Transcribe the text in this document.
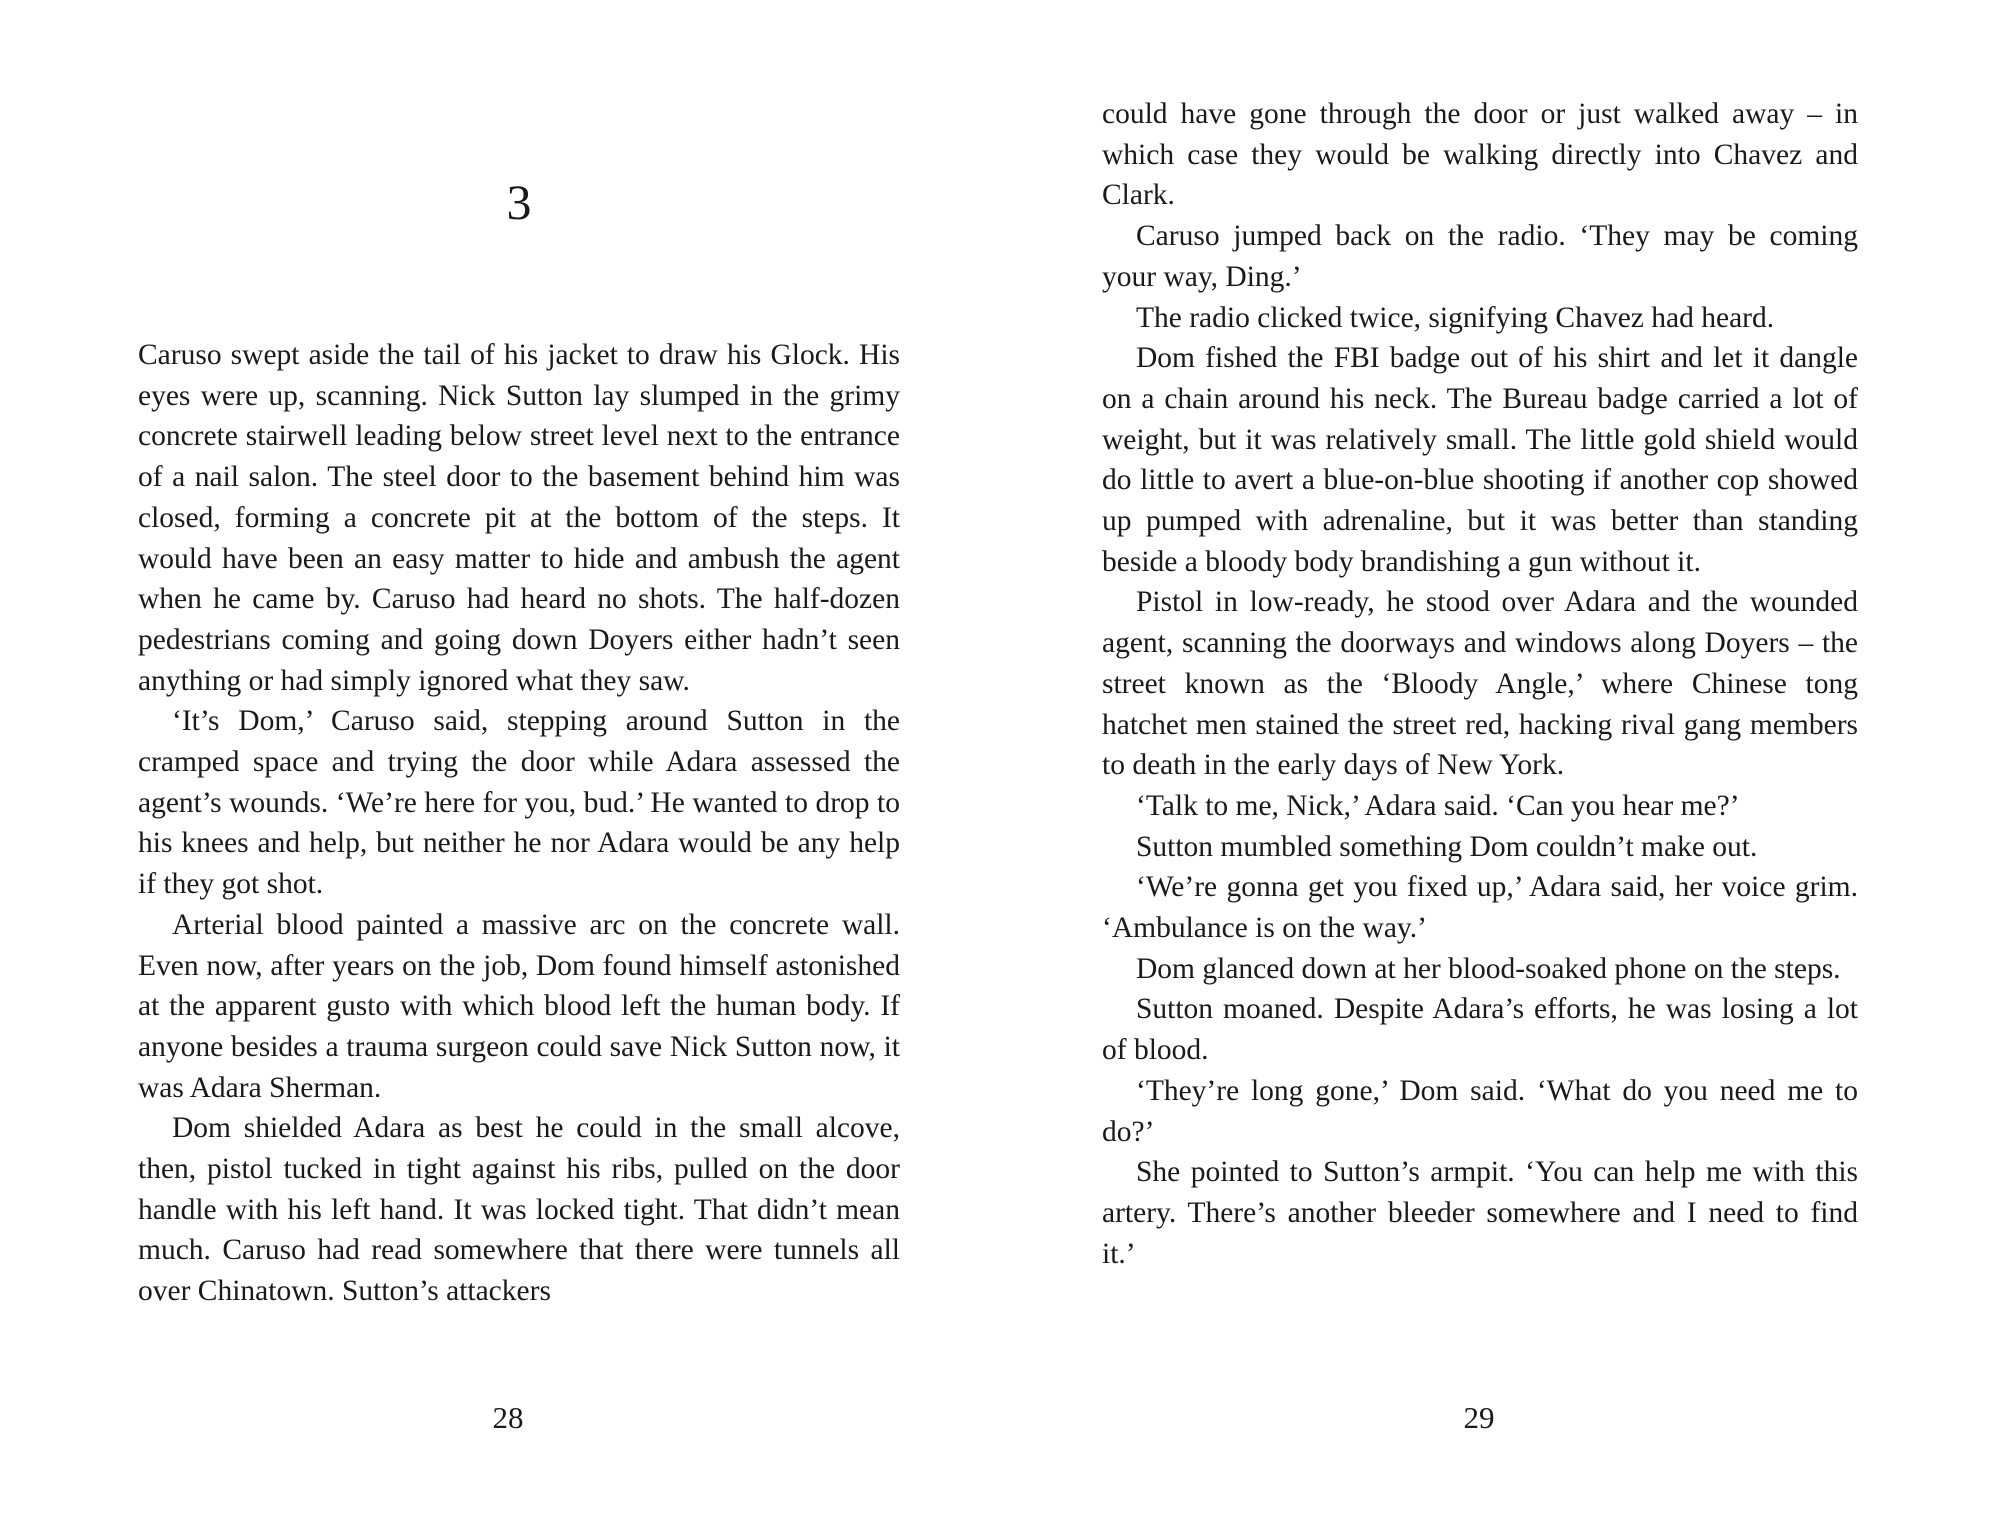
3

Caruso swept aside the tail of his jacket to draw his Glock. His eyes were up, scanning. Nick Sutton lay slumped in the grimy concrete stairwell leading below street level next to the entrance of a nail salon. The steel door to the basement behind him was closed, forming a concrete pit at the bottom of the steps. It would have been an easy matter to hide and ambush the agent when he came by. Caruso had heard no shots. The half-dozen pedestrians coming and going down Doyers either hadn’t seen anything or had simply ignored what they saw.

‘It’s Dom,’ Caruso said, stepping around Sutton in the cramped space and trying the door while Adara assessed the agent’s wounds. ‘We’re here for you, bud.’ He wanted to drop to his knees and help, but neither he nor Adara would be any help if they got shot.

Arterial blood painted a massive arc on the concrete wall. Even now, after years on the job, Dom found himself astonished at the apparent gusto with which blood left the human body. If anyone besides a trauma surgeon could save Nick Sutton now, it was Adara Sherman.

Dom shielded Adara as best he could in the small alcove, then, pistol tucked in tight against his ribs, pulled on the door handle with his left hand. It was locked tight. That didn’t mean much. Caruso had read somewhere that there were tunnels all over Chinatown. Sutton’s attackers

28

could have gone through the door or just walked away – in which case they would be walking directly into Chavez and Clark.

Caruso jumped back on the radio. ‘They may be coming your way, Ding.’

The radio clicked twice, signifying Chavez had heard.

Dom fished the FBI badge out of his shirt and let it dangle on a chain around his neck. The Bureau badge carried a lot of weight, but it was relatively small. The little gold shield would do little to avert a blue-on-blue shooting if another cop showed up pumped with adrenaline, but it was better than standing beside a bloody body brandishing a gun without it.

Pistol in low-ready, he stood over Adara and the wounded agent, scanning the doorways and windows along Doyers – the street known as the ‘Bloody Angle,’ where Chinese tong hatchet men stained the street red, hacking rival gang members to death in the early days of New York.

‘Talk to me, Nick,’ Adara said. ‘Can you hear me?’

Sutton mumbled something Dom couldn’t make out.

‘We’re gonna get you fixed up,’ Adara said, her voice grim. ‘Ambulance is on the way.’

Dom glanced down at her blood-soaked phone on the steps.

Sutton moaned. Despite Adara’s efforts, he was losing a lot of blood.

‘They’re long gone,’ Dom said. ‘What do you need me to do?’

She pointed to Sutton’s armpit. ‘You can help me with this artery. There’s another bleeder somewhere and I need to find it.’

29
